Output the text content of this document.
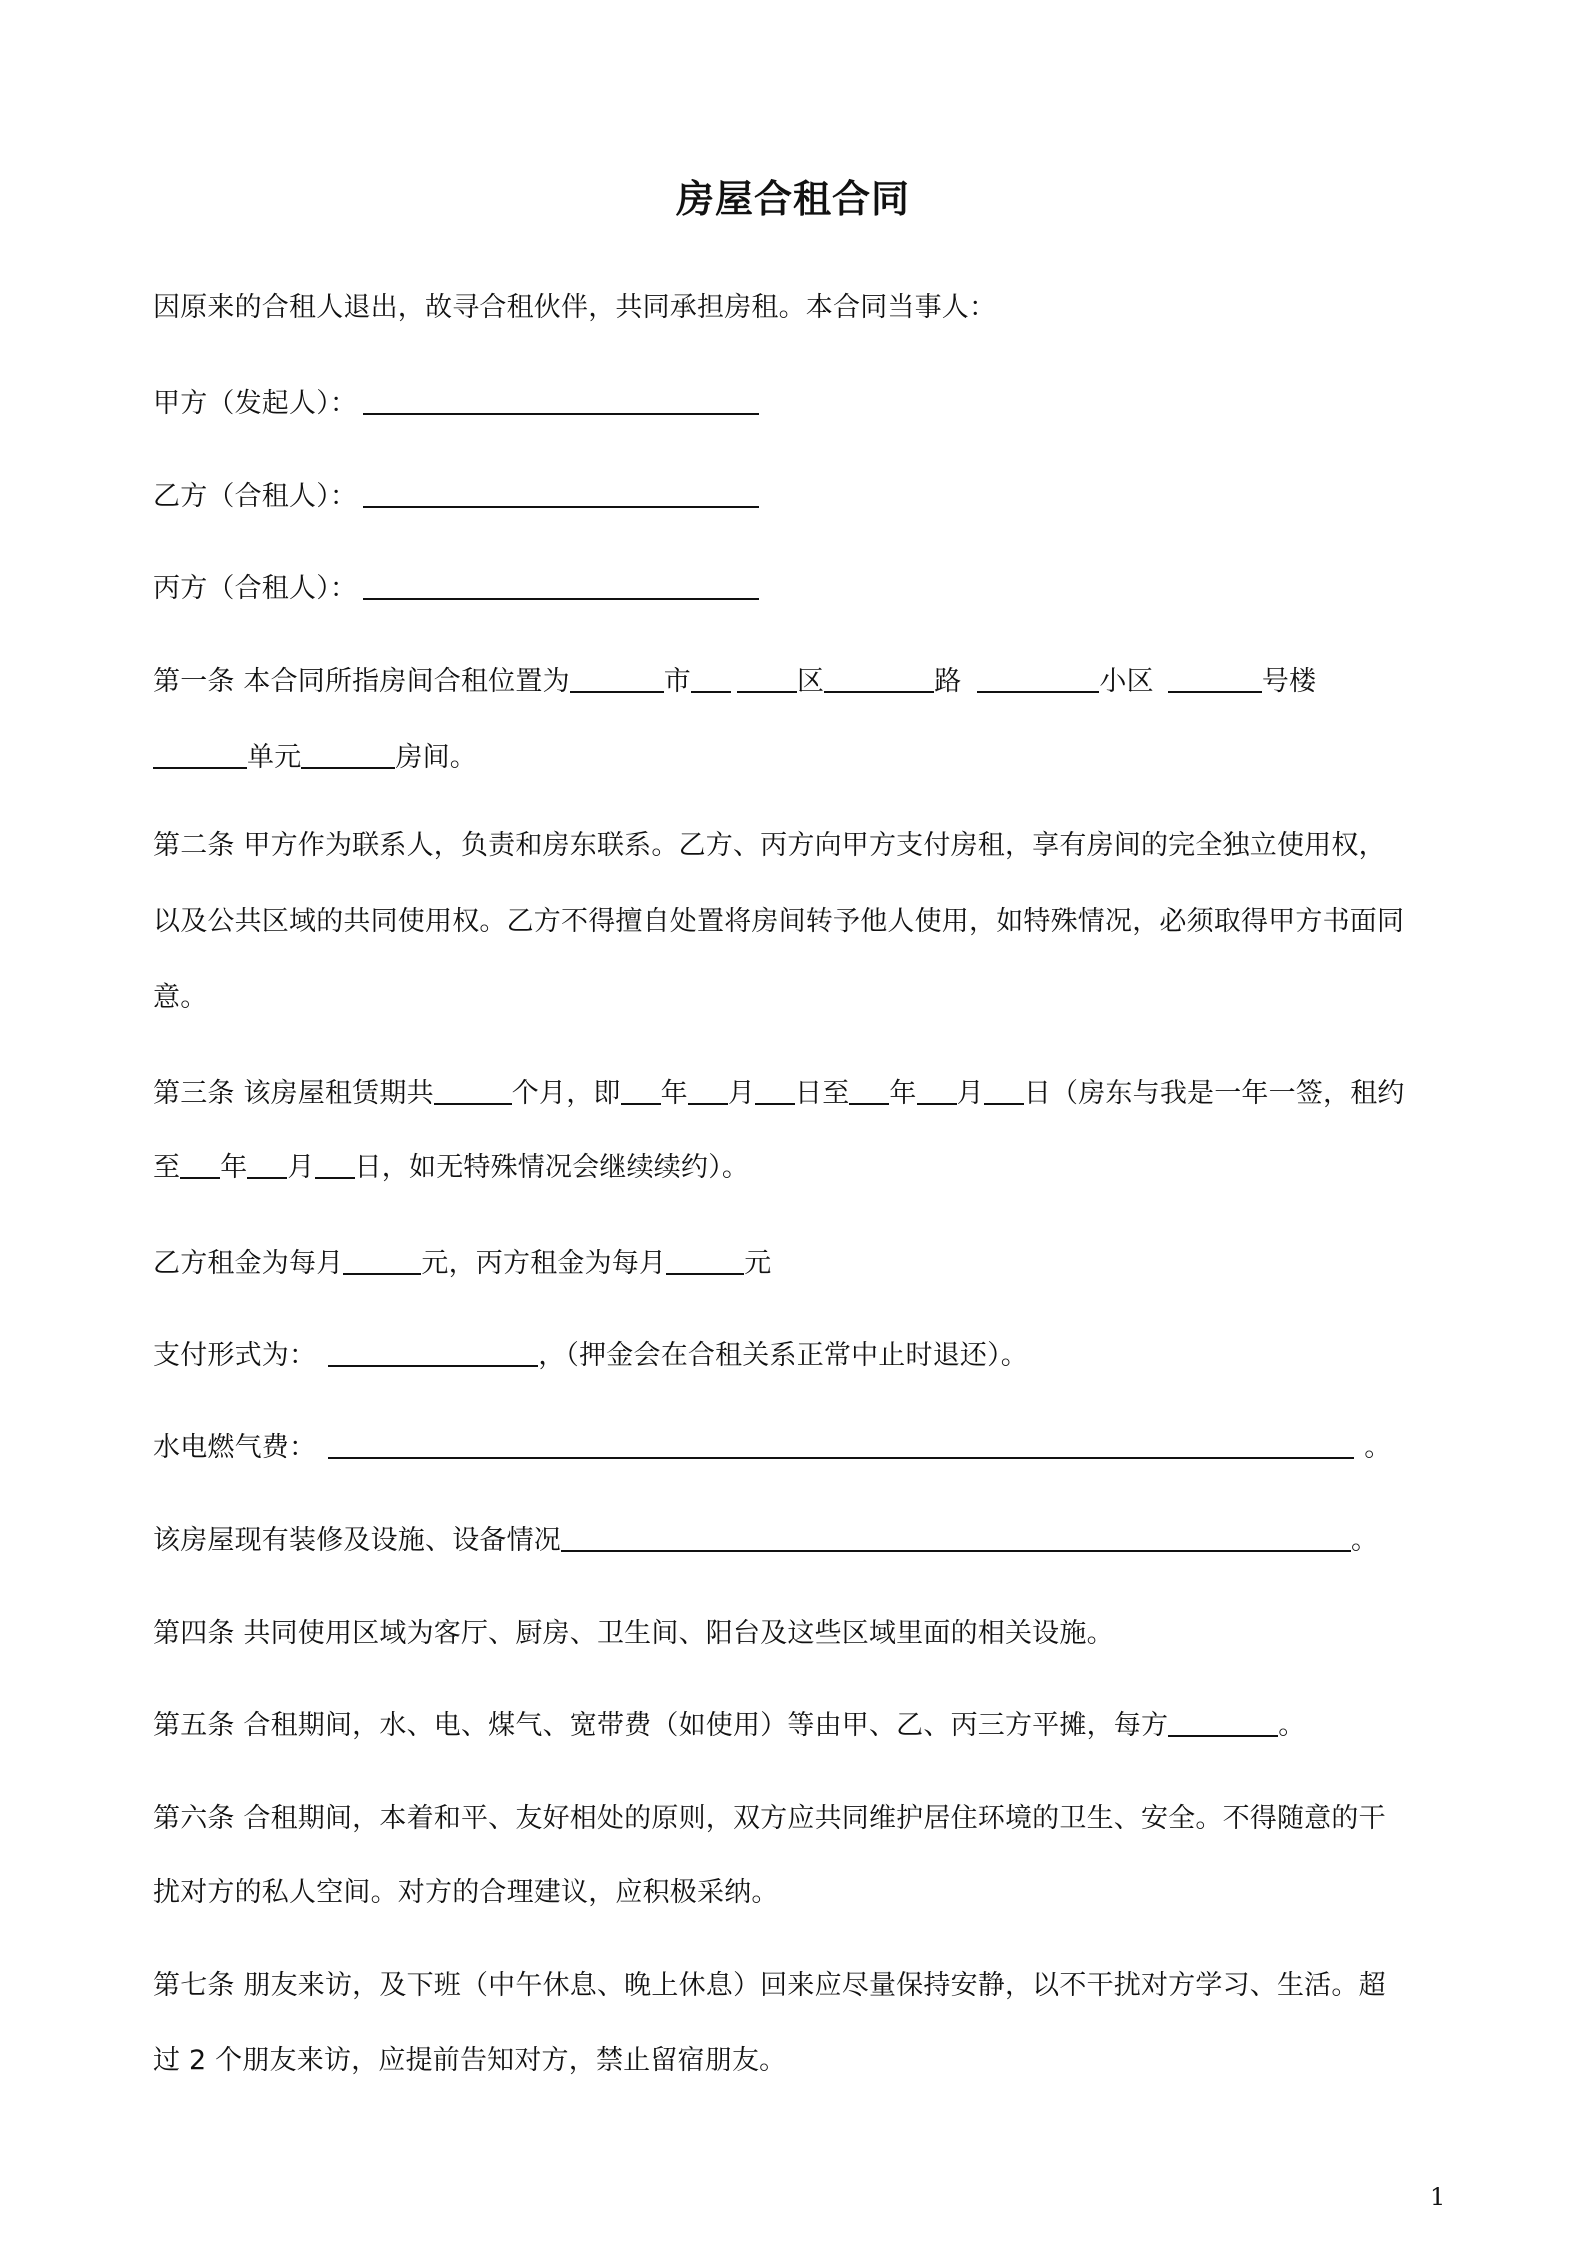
房屋合租合同
因原来的合租人退出，故寻合租伙伴，共同承担房租。本合同当事人：
甲方（发起人）：
乙方（合租人）：
丙方（合租人）：
第一条 本合同所指房间合租位置为	市	区	路	小区	号楼
单元	房间。
第二条 甲方作为联系人，负责和房东联系。乙方、丙方向甲方支付房租，享有房间的完全独立使用权，
以及公共区域的共同使用权。乙方不得擅自处置将房间转予他人使用，如特殊情况，必须取得甲方书面同
意。
第三条 该房屋租赁期共	个月，即 年 月 日至 年 月 日（房东与我是一年一签，租约
至 年 月 日，如无特殊情况会继续续约）。
乙方租金为每月	元，丙方租金为每月	元
支付形式为：	，（押金会在合租关系正常中止时退还）。
水电燃气费：	。
该房屋现有装修及设施、设备情况	。
第四条 共同使用区域为客厅、厨房、卫生间、阳台及这些区域里面的相关设施。
第五条 合租期间，水、电、煤气、宽带费（如使用）等由甲、乙、丙三方平摊，每方	。
第六条 合租期间，本着和平、友好相处的原则，双方应共同维护居住环境的卫生、安全。不得随意的干
扰对方的私人空间。对方的合理建议，应积极采纳。
第七条 朋友来访，及下班（中午休息、晚上休息）回来应尽量保持安静，以不干扰对方学习、生活。超
过 2 个朋友来访，应提前告知对方，禁止留宿朋友。
1
